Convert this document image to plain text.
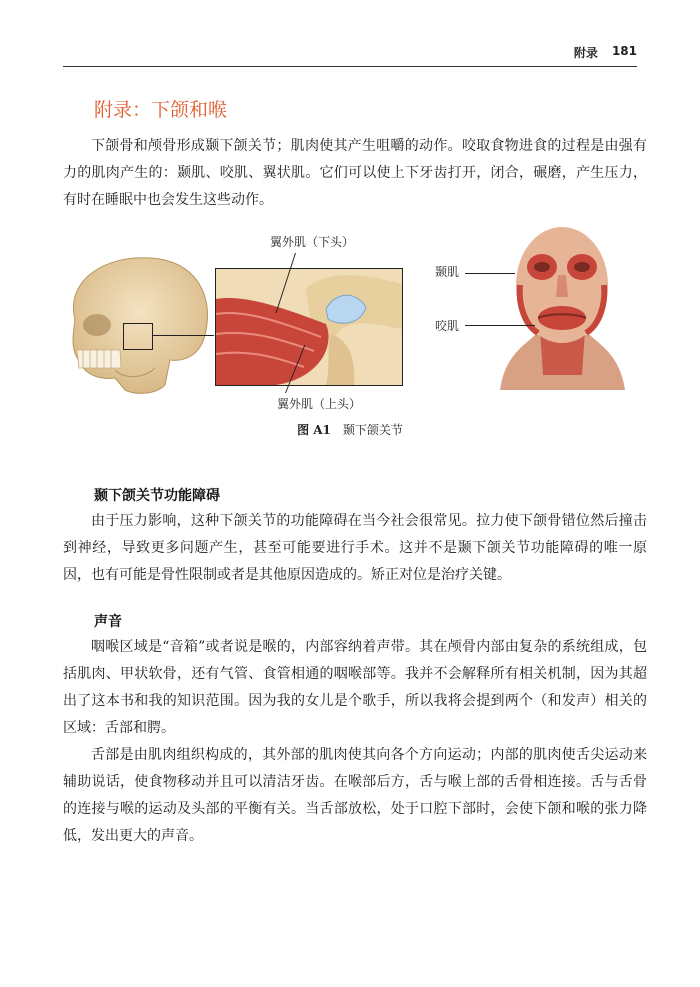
附录 181
附录：下颌和喉

下颌骨和颅骨形成颞下颌关节；肌肉使其产生咀嚼的动作。咬取食物进食的过程是由强有力的肌肉产生的：颞肌、咬肌、翼状肌。它们可以使上下牙齿打开，闭合，碾磨，产生压力，有时在睡眠中也会发生这些动作。

翼外肌（下头）
翼外肌（上头）
颞肌
咬肌
图 A1 颞下颌关节
颞下颌关节功能障碍

由于压力影响，这种下颌关节的功能障碍在当今社会很常见。拉力使下颌骨错位然后撞击到神经，导致更多问题产生，甚至可能要进行手术。这并不是颞下颌关节功能障碍的唯一原因，也有可能是骨性限制或者是其他原因造成的。矫正对位是治疗关键。

声音

咽喉区域是“音箱”或者说是喉的，内部容纳着声带。其在颅骨内部由复杂的系统组成，包括肌肉、甲状软骨，还有气管、食管相通的咽喉部等。我并不会解释所有相关机制，因为其超出了这本书和我的知识范围。因为我的女儿是个歌手，所以我将会提到两个（和发声）相关的区域：舌部和腭。

舌部是由肌肉组织构成的，其外部的肌肉使其向各个方向运动；内部的肌肉使舌尖运动来辅助说话，使食物移动并且可以清洁牙齿。在喉部后方，舌与喉上部的舌骨相连接。舌与舌骨的连接与喉的运动及头部的平衡有关。当舌部放松，处于口腔下部时，会使下颌和喉的张力降低，发出更大的声音。
